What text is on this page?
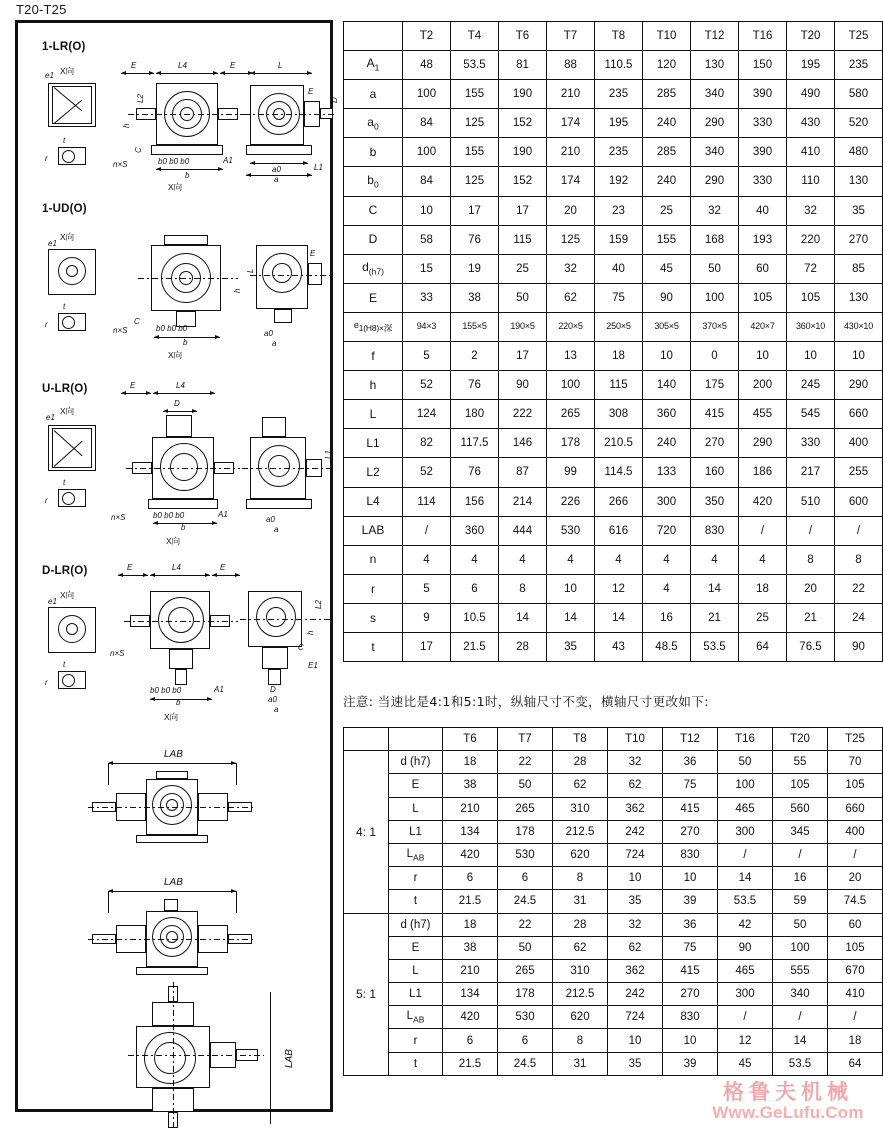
T20-T25
1-LR(O)
X向
e1
t
r
E	L4	E
b
b0 b0 b0
n×S	A1
h
L2
C
X向
L
E
D
a0
a
L1
1-UD(O)
X向
e1
t
r
n×S
C
b0 b0 b0
b
X向
h
L
E
a0
a
U-LR(O)
X向
e1
t
r
E	L4
D
n×S	b0 b0 b0	A1
b
X向
a0
a
L1
D-LR(O)
X向
e1
t
r
E	L4	E
n×S
b0 b0 b0	A1
b
X向
L2
h
C
E1
D
a0
a
LAB
LAB
LAB
	T2	T4	T6	T7	T8	T10	T12	T16	T20	T25
$A_1$	48	53.5	81	88	110.5	120	130	150	195	235
a	100	155	190	210	235	285	340	390	490	580
$a_0$	84	125	152	174	195	240	290	330	430	520
b	100	155	190	210	235	285	340	390	410	480
$b_0$	84	125	152	174	192	240	290	330	110	130
C	10	17	17	20	23	25	32	40	32	35
D	58	76	115	125	159	155	168	193	220	270
$d_{(h7)}$	15	19	25	32	40	45	50	60	72	85
E	33	38	50	62	75	90	100	105	105	130
e1(H8)×深	94×3	155×5	190×5	220×5	250×5	305×5	370×5	420×7	360×10	430×10
f	5	2	17	13	18	10	0	10	10	10
h	52	76	90	100	115	140	175	200	245	290
L	124	180	222	265	308	360	415	455	545	660
L1	82	117.5	146	178	210.5	240	270	290	330	400
L2	52	76	87	99	114.5	133	160	186	217	255
L4	114	156	214	226	266	300	350	420	510	600
LAB	/	360	444	530	616	720	830	/	/	/
n	4	4	4	4	4	4	4	4	8	8
r	5	6	8	10	12	4	14	18	20	22
s	9	10.5	14	14	14	16	21	25	21	24
t	17	21.5	28	35	43	48.5	53.5	64	76.5	90
注意: 当速比是4:1和5:1时，纵轴尺寸不变，横轴尺寸更改如下:
		T6	T7	T8	T10	T12	T16	T20	T25
4: 1	d (h7)	18	22	28	32	36	50	55	70
	E	38	50	62	62	75	100	105	105
	L	210	265	310	362	415	465	560	660
	L1	134	178	212.5	242	270	300	345	400
	$L_{AB}$	420	530	620	724	830	/	/	/
	r	6	6	8	10	10	14	16	20
	t	21.5	24.5	31	35	39	53.5	59	74.5
5: 1	d (h7)	18	22	28	32	36	42	50	60
	E	38	50	62	62	75	90	100	105
	L	210	265	310	362	415	465	555	670
	L1	134	178	212.5	242	270	300	340	410
	$L_{AB}$	420	530	620	724	830	/	/	/
	r	6	6	8	10	10	12	14	18
	t	21.5	24.5	31	35	39	45	53.5	64
格鲁夫机械
Www.GeLufu.Com
